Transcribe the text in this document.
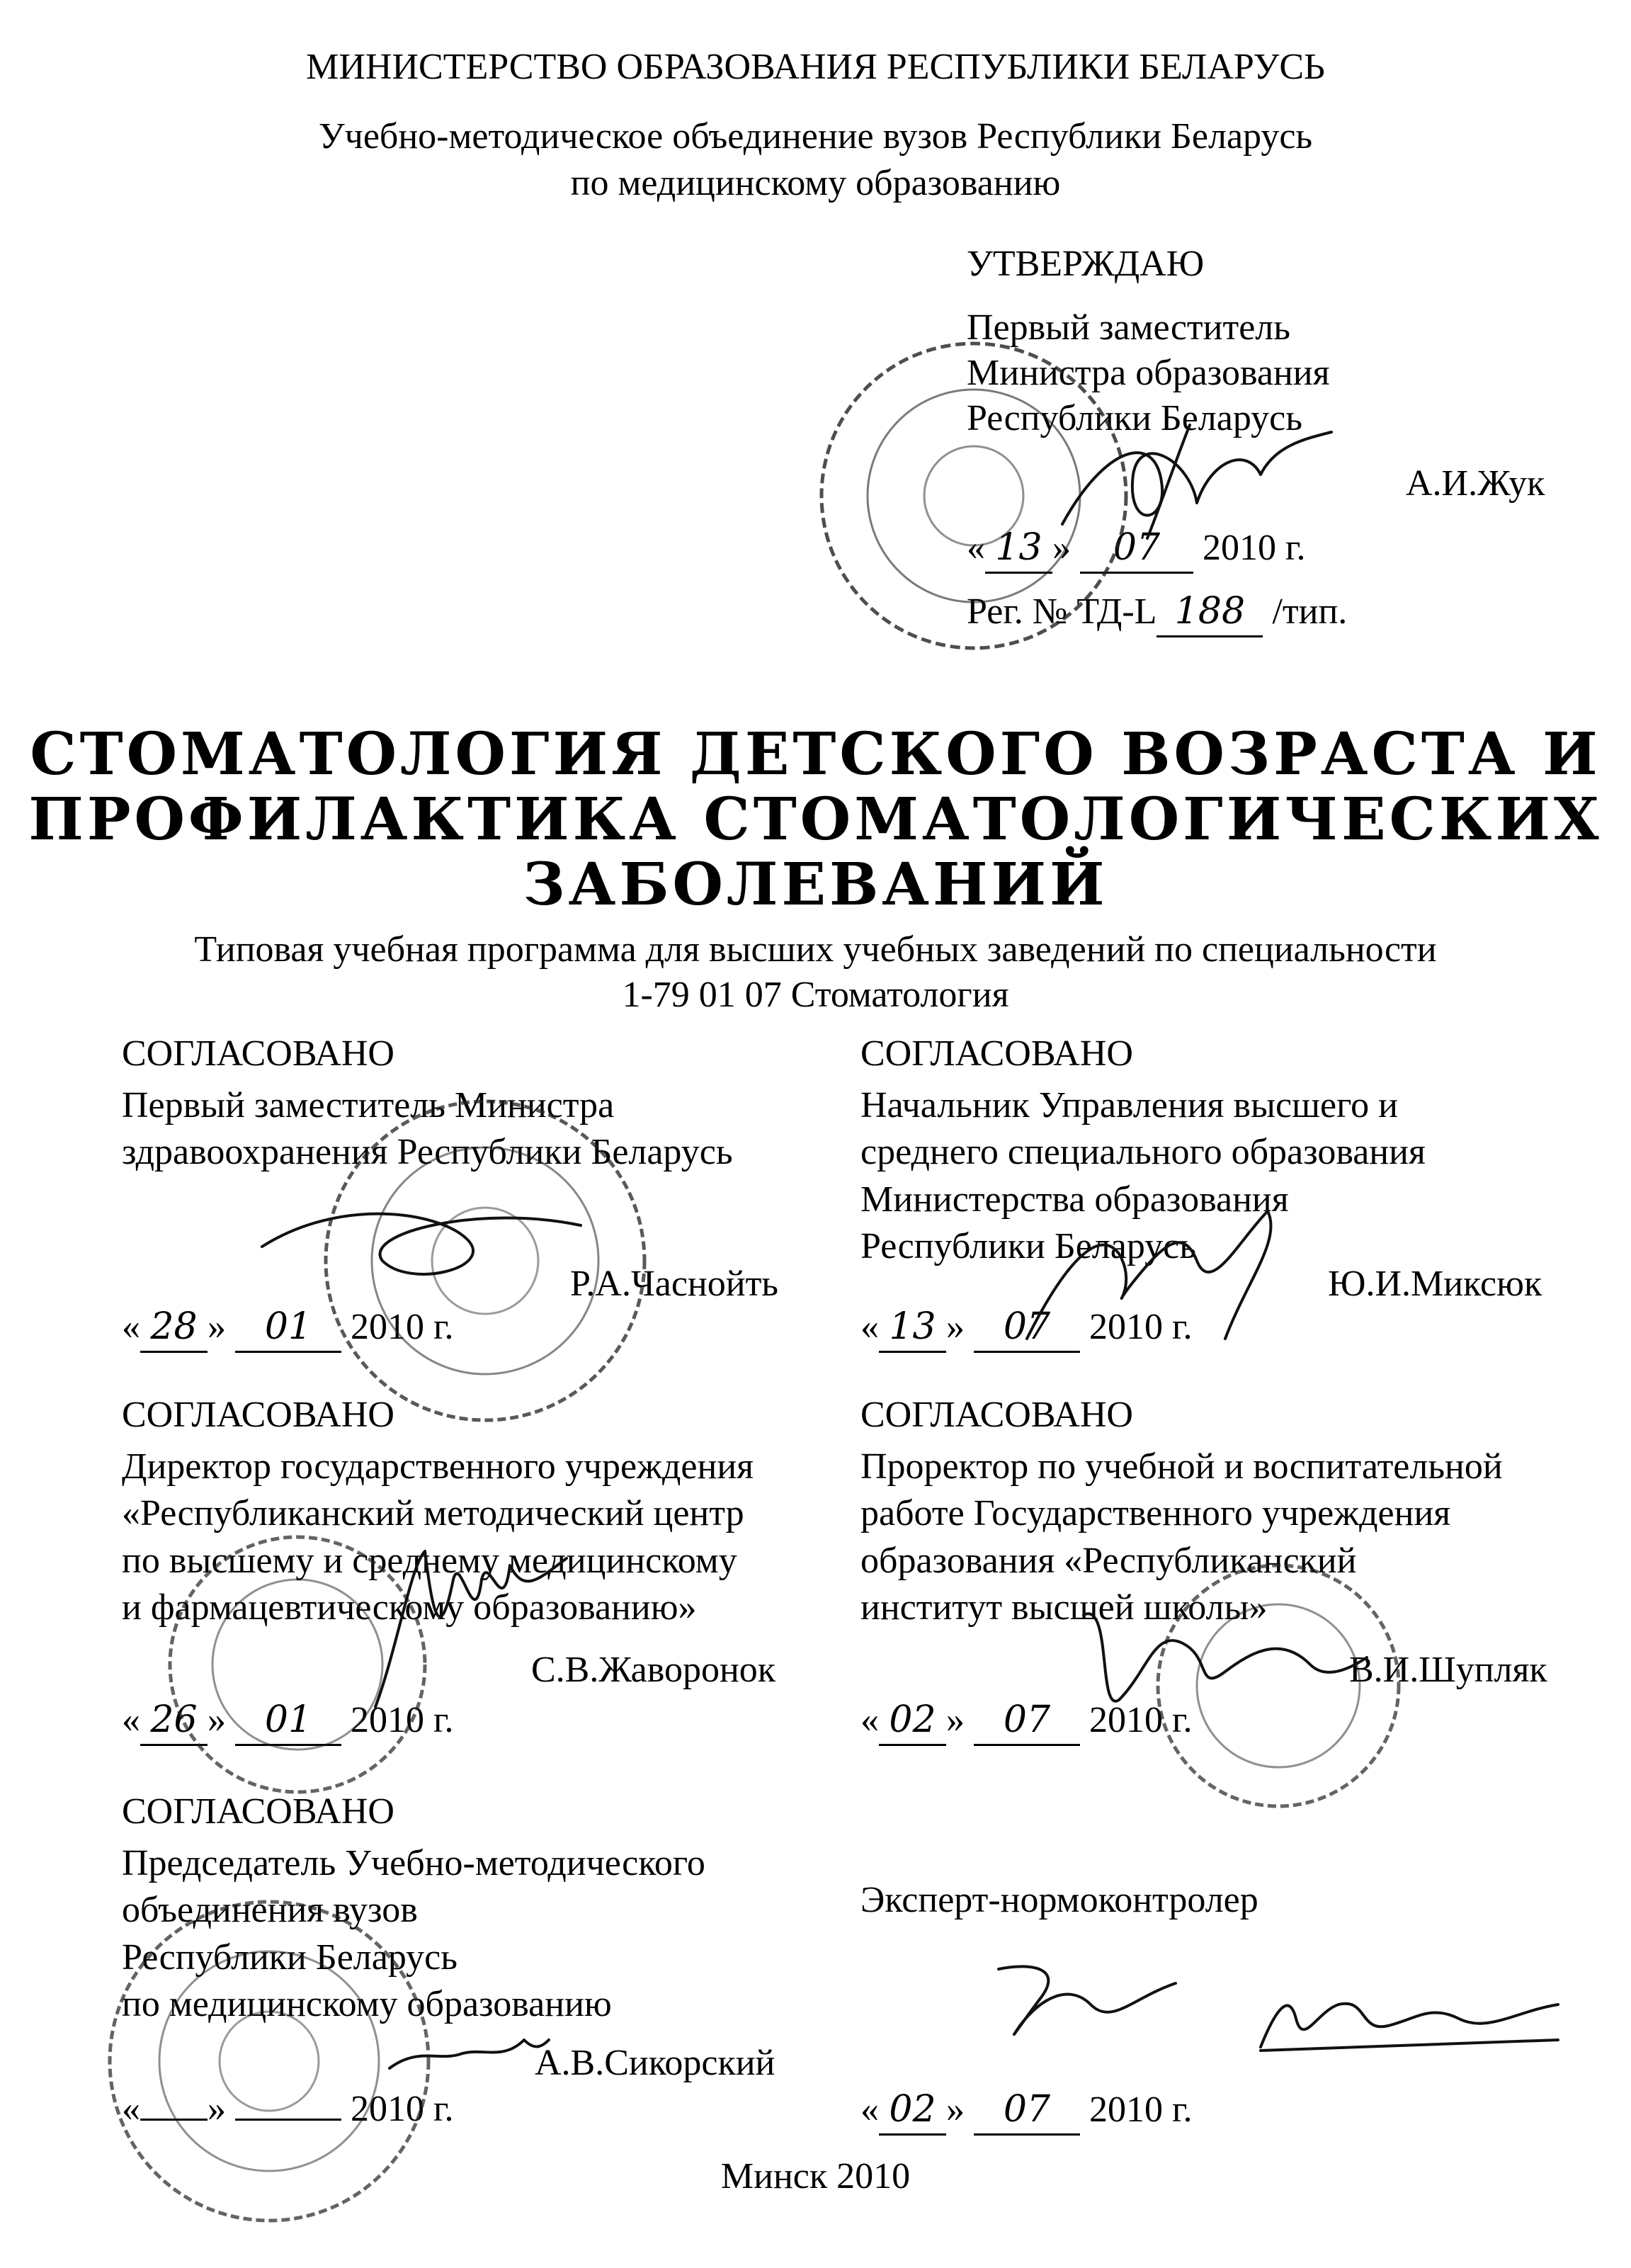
МИНИСТЕРСТВО ОБРАЗОВАНИЯ РЕСПУБЛИКИ БЕЛАРУСЬ
Учебно-методическое объединение вузов Республики Беларусь
по медицинскому образованию
УТВЕРЖДАЮ
Первый заместитель
Министра образования
Республики Беларусь
А.И.Жук
« 13 » 07 2010 г.
Рег. № ТД-L 188 /тип.
СТОМАТОЛОГИЯ ДЕТСКОГО ВОЗРАСТА И
ПРОФИЛАКТИКА СТОМАТОЛОГИЧЕСКИХ
ЗАБОЛЕВАНИЙ
Типовая учебная программа для высших учебных заведений по специальности
1-79 01 07 Стоматология
СОГЛАСОВАНО
Первый заместитель Министра
здравоохранения Республики Беларусь
Р.А.Часнойть
« 28 » 01 2010 г.
СОГЛАСОВАНО
Начальник Управления высшего и
среднего специального образования
Министерства образования
Республики Беларусь
Ю.И.Миксюк
« 13 » 07 2010 г.
СОГЛАСОВАНО
Директор государственного учреждения
«Республиканский методический центр
по высшему и среднему медицинскому
и фармацевтическому образованию»
С.В.Жаворонок
« 26 » 01 2010 г.
СОГЛАСОВАНО
Проректор по учебной и воспитательной
работе Государственного учреждения
образования «Республиканский
институт высшей школы»
В.И.Шупляк
« 02 » 07 2010 г.
СОГЛАСОВАНО
Председатель Учебно-методического
объединения вузов
Республики Беларусь
по медицинскому образованию
А.В.Сикорский
« »	2010 г.
Эксперт-нормоконтролер
« 02 » 07 2010 г.
Минск 2010
